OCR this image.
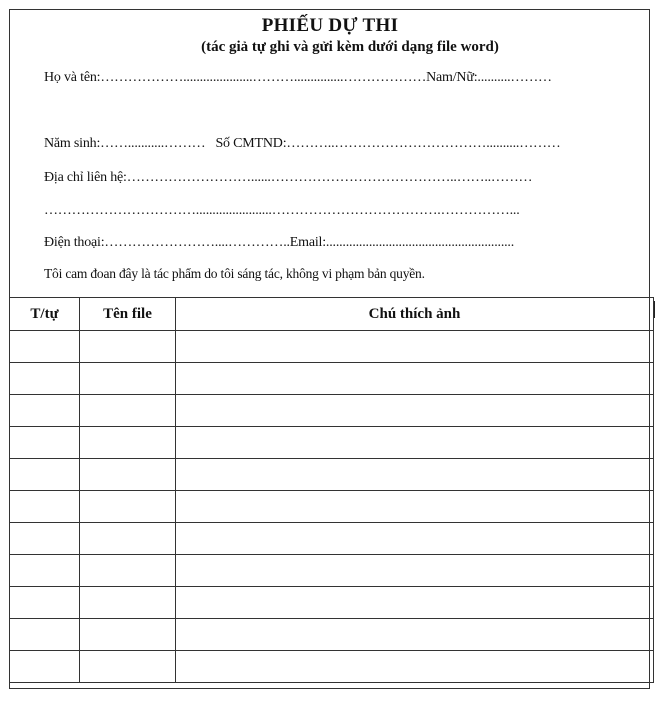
PHIẾU DỰ THI
(tác giả tự ghi và gửi kèm dưới dạng file word)
Họ và tên:……………….....................………...............………………Nam/Nữ:..........………
Năm sinh:……...........……… Số CMTND:………..……………………………..........………
Địa chỉ liên hệ:………………………......…………………………………..……..………
…………………………….......................……………………………….……………...
Điện thoại:……………………....…………..Email:.........................................................
Tôi cam đoan đây là tác phẩm do tôi sáng tác, không vi phạm bản quyền.
T/tự	Tên file	Chú thích ảnh
